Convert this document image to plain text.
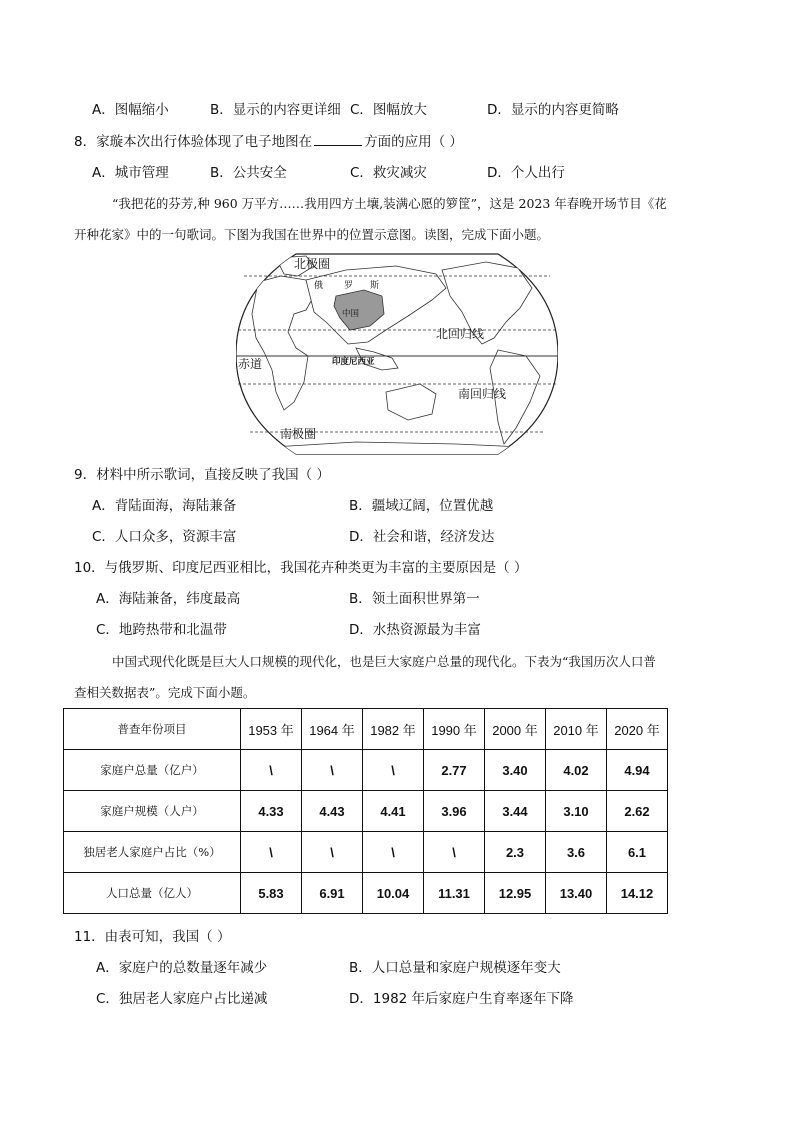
A．图幅缩小	B．显示的内容更详细 C．图幅放大	D．显示的内容更简略
8．家璇本次出行体验体现了电子地图在	方面的应用（ ）
A．城市管理	B．公共安全	C．救灾减灾	D．个人出行
“我把花的芬芳,种 960 万平方……我用四方土壤,装满心愿的箩筐”，这是 2023 年春晚开场节目《花
开种花家》中的一句歌词。下图为我国在世界中的位置示意图。读图，完成下面小题。
北极圈
俄 罗 斯
中国
北回归线
赤道	印度尼西亚
南回归线
南极圈
9．材料中所示歌词，直接反映了我国（ ）
A．背陆面海，海陆兼备	B．疆域辽阔，位置优越
C．人口众多，资源丰富	D．社会和谐，经济发达
10．与俄罗斯、印度尼西亚相比，我国花卉种类更为丰富的主要原因是（ ）
A．海陆兼备，纬度最高	B．领土面积世界第一
C．地跨热带和北温带	D．水热资源最为丰富
中国式现代化既是巨大人口规模的现代化，也是巨大家庭户总量的现代化。下表为“我国历次人口普
查相关数据表”。完成下面小题。
普查年份项目	1953 年	1964 年	1982 年	1990 年	2000 年	2010 年	2020 年
家庭户总量（亿户）	\	\	\	2.77	3.40	4.02	4.94
家庭户规模（人户）	4.33	4.43	4.41	3.96	3.44	3.10	2.62
独居老人家庭户占比（%）	\	\	\	\	2.3	3.6	6.1
人口总量（亿人）	5.83	6.91	10.04	11.31	12.95	13.40	14.12
11．由表可知，我国（ ）
A．家庭户的总数量逐年减少	B．人口总量和家庭户规模逐年变大
C．独居老人家庭户占比递减	D．1982 年后家庭户生育率逐年下降
